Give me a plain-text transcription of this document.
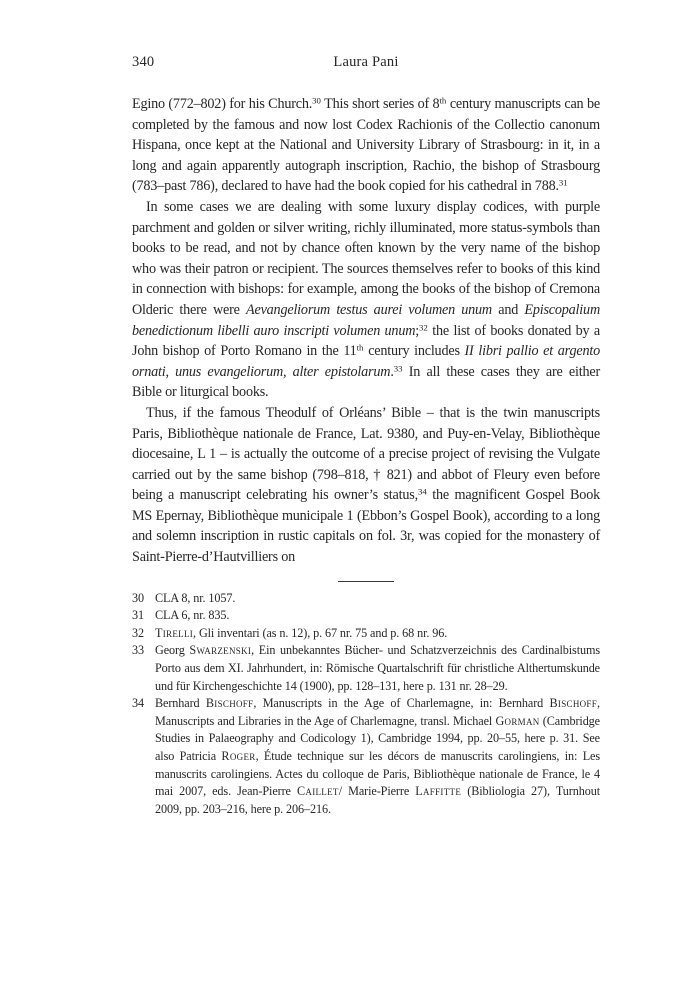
340	Laura Pani

Egino (772–802) for his Church.$^{30}$ This short series of 8th century manuscripts can be completed by the famous and now lost Codex Rachionis of the Collectio canonum Hispana, once kept at the National and University Library of Strasbourg: in it, in a long and again apparently autograph inscription, Rachio, the bishop of Strasbourg (783–past 786), declared to have had the book copied for his cathedral in 788.31

In some cases we are dealing with some luxury display codices, with purple parchment and golden or silver writing, richly illuminated, more status-symbols than books to be read, and not by chance often known by the very name of the bishop who was their patron or recipient. The sources themselves refer to books of this kind in connection with bishops: for example, among the books of the bishop of Cremona Olderic there were Aevangeliorum testus aurei volumen unum and Episcopalium benedictionum libelli auro inscripti volumen unum;$^{32}$ the list of books donated by a John bishop of Porto Romano in the 11th century includes II libri pallio et argento ornati, unus evangeliorum, alter epistolarum.$^{33}$ In all these cases they are either Bible or liturgical books.

Thus, if the famous Theodulf of Orléans’ Bible – that is the twin manuscripts Paris, Bibliothèque nationale de France, Lat. 9380, and Puy-en-Velay, Bibliothèque diocesaine, L 1 – is actually the outcome of a precise project of revising the Vulgate carried out by the same bishop (798–818, † 821) and abbot of Fleury even before being a manuscript celebrating his owner’s status,$^{34}$ the magnificent Gospel Book MS Epernay, Bibliothèque municipale 1 (Ebbon’s Gospel Book), according to a long and solemn inscription in rustic capitals on fol. 3r, was copied for the monastery of Saint-Pierre-d’Hautvilliers on

30 CLA 8, nr. 1057.
31 CLA 6, nr. 835.
32 Tirelli, Gli inventari (as n. 12), p. 67 nr. 75 and p. 68 nr. 96.
33 Georg Swarzenski, Ein unbekanntes Bücher- und Schatzverzeichnis des Cardinalbistums Porto aus dem XI. Jahrhundert, in: Römische Quartalschrift für christliche Althertumskunde und für Kirchengeschichte 14 (1900), pp. 128–131, here p. 131 nr. 28–29.
34 Bernhard Bischoff, Manuscripts in the Age of Charlemagne, in: Bernhard Bischoff, Manuscripts and Libraries in the Age of Charlemagne, transl. Michael Gorman (Cambridge Studies in Palaeography and Codicology 1), Cambridge 1994, pp. 20–55, here p. 31. See also Patricia Roger, Étude technique sur les décors de manuscrits carolingiens, in: Les manuscrits carolingiens. Actes du colloque de Paris, Bibliothèque nationale de France, le 4 mai 2007, eds. Jean-Pierre Caillet/ Marie-Pierre Laffitte (Bibliologia 27), Turnhout 2009, pp. 203–216, here p. 206–216.
